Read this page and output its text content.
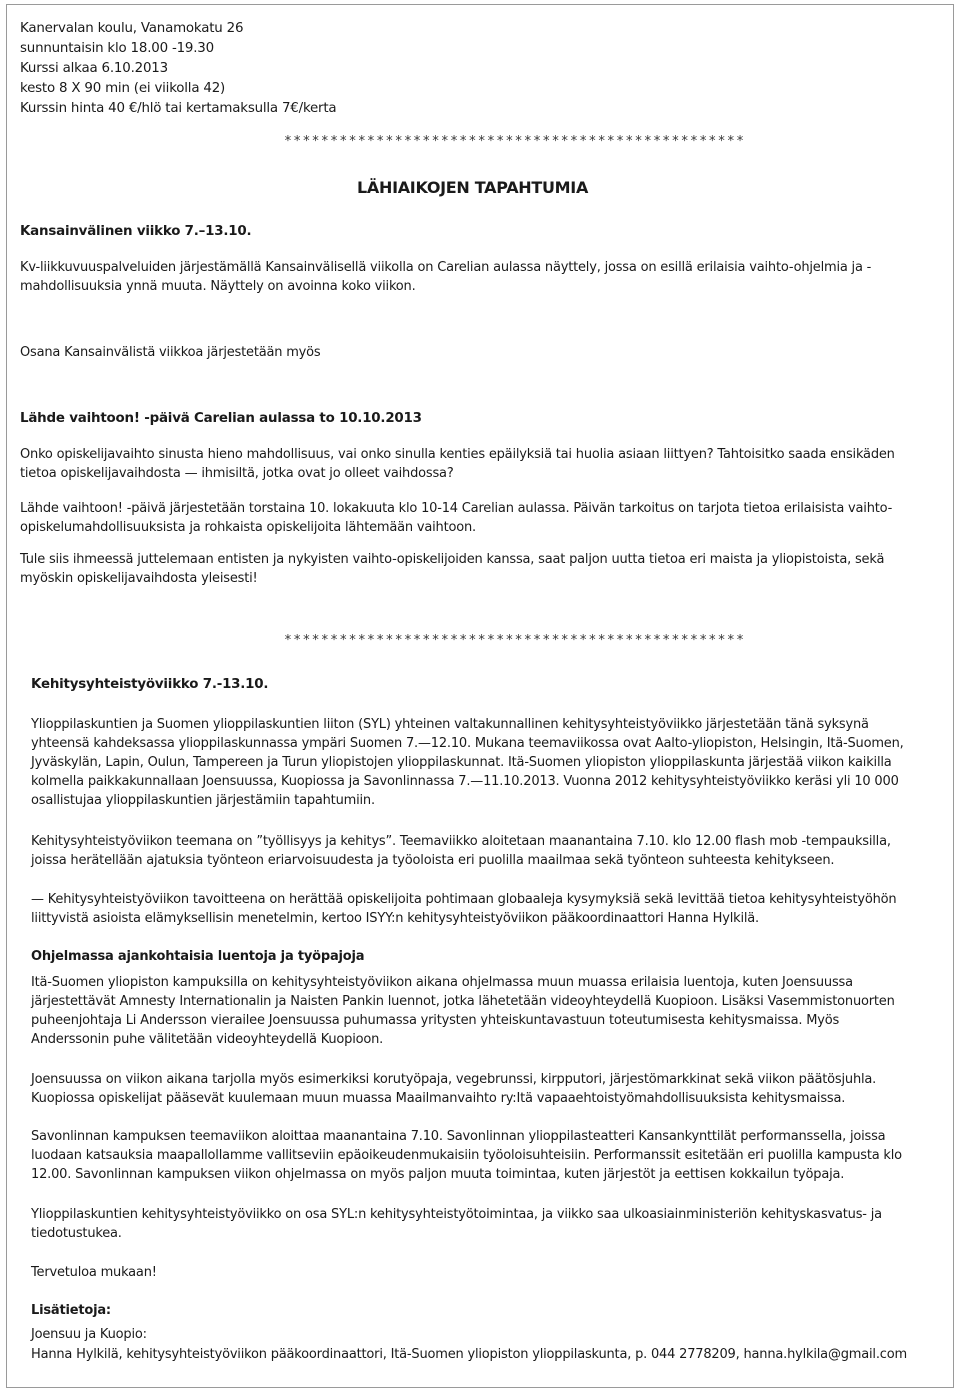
Kanervalan koulu, Vanamokatu 26
sunnuntaisin klo 18.00 -19.30
Kurssi alkaa 6.10.2013
kesto 8 X 90 min (ei viikolla 42)
Kurssin hinta 40 €/hlö tai kertamaksulla 7€/kerta
**************************************************
LÄHIAIKOJEN TAPAHTUMIA
Kansainvälinen viikko 7.–13.10.

Kv-liikkuvuuspalveluiden järjestämällä Kansainvälisellä viikolla on Carelian aulassa näyttely, jossa on esillä erilaisia vaihto-ohjelmia ja -mahdollisuuksia ynnä muuta. Näyttely on avoinna koko viikon.

Osana Kansainvälistä viikkoa järjestetään myös

Lähde vaihtoon! -päivä Carelian aulassa to 10.10.2013

Onko opiskelijavaihto sinusta hieno mahdollisuus, vai onko sinulla kenties epäilyksiä tai huolia asiaan liittyen? Tahtoisitko saada ensikäden tietoa opiskelijavaihdosta — ihmisiltä, jotka ovat jo olleet vaihdossa?

Lähde vaihtoon! -päivä järjestetään torstaina 10. lokakuuta klo 10-14 Carelian aulassa. Päivän tarkoitus on tarjota tietoa erilaisista vaihto-opiskelumahdollisuuksista ja rohkaista opiskelijoita lähtemään vaihtoon.

Tule siis ihmeessä juttelemaan entisten ja nykyisten vaihto-opiskelijoiden kanssa, saat paljon uutta tietoa eri maista ja yliopistoista, sekä myöskin opiskelijavaihdosta yleisesti!

**************************************************
Kehitysyhteistyöviikko 7.-13.10.

Ylioppilaskuntien ja Suomen ylioppilaskuntien liiton (SYL) yhteinen valtakunnallinen kehitysyhteistyöviikko järjestetään tänä syksynä yhteensä kahdeksassa ylioppilaskunnassa ympäri Suomen 7.—12.10. Mukana teemaviikossa ovat Aalto-yliopiston, Helsingin, Itä-Suomen, Jyväskylän, Lapin, Oulun, Tampereen ja Turun yliopistojen ylioppilaskunnat. Itä-Suomen yliopiston ylioppilaskunta järjestää viikon kaikilla kolmella paikkakunnallaan Joensuussa, Kuopiossa ja Savonlinnassa 7.—11.10.2013. Vuonna 2012 kehitysyhteistyöviikko keräsi yli 10 000 osallistujaa ylioppilaskuntien järjestämiin tapahtumiin.

Kehitysyhteistyöviikon teemana on ”työllisyys ja kehitys”. Teemaviikko aloitetaan maanantaina 7.10. klo 12.00 flash mob -tempauksilla, joissa herätellään ajatuksia työnteon eriarvoisuudesta ja työoloista eri puolilla maailmaa sekä työnteon suhteesta kehitykseen.

— Kehitysyhteistyöviikon tavoitteena on herättää opiskelijoita pohtimaan globaaleja kysymyksiä sekä levittää tietoa kehitysyhteistyöhön liittyvistä asioista elämyksellisin menetelmin, kertoo ISYY:n kehitysyhteistyöviikon pääkoordinaattori Hanna Hylkilä.

Ohjelmassa ajankohtaisia luentoja ja työpajoja

Itä-Suomen yliopiston kampuksilla on kehitysyhteistyöviikon aikana ohjelmassa muun muassa erilaisia luentoja, kuten Joensuussa järjestettävät Amnesty Internationalin ja Naisten Pankin luennot, jotka lähetetään videoyhteydellä Kuopioon. Lisäksi Vasemmistonuorten puheenjohtaja Li Andersson vierailee Joensuussa puhumassa yritysten yhteiskuntavastuun toteutumisesta kehitysmaissa. Myös Anderssonin puhe välitetään videoyhteydellä Kuopioon.

Joensuussa on viikon aikana tarjolla myös esimerkiksi korutyöpaja, vegebrunssi, kirpputori, järjestömarkkinat sekä viikon päätösjuhla. Kuopiossa opiskelijat pääsevät kuulemaan muun muassa Maailmanvaihto ry:Itä vapaaehtoistyömahdollisuuksista kehitysmaissa.

Savonlinnan kampuksen teemaviikon aloittaa maanantaina 7.10. Savonlinnan ylioppilasteatteri Kansankynttilät performanssella, joissa luodaan katsauksia maapallollamme vallitseviin epäoikeudenmukaisiin työoloisuhteisiin. Performanssit esitetään eri puolilla kampusta klo 12.00. Savonlinnan kampuksen viikon ohjelmassa on myös paljon muuta toimintaa, kuten järjestöt ja eettisen kokkailun työpaja.

Ylioppilaskuntien kehitysyhteistyöviikko on osa SYL:n kehitysyhteistyötoimintaa, ja viikko saa ulkoasiainministeriön kehityskasvatus- ja tiedotustukea.

Tervetuloa mukaan!
Lisätietoja:
Joensuu ja Kuopio:
Hanna Hylkilä, kehitysyhteistyöviikon pääkoordinaattori, Itä-Suomen yliopiston ylioppilaskunta, p. 044 2778209, hanna.hylkila@gmail.com
